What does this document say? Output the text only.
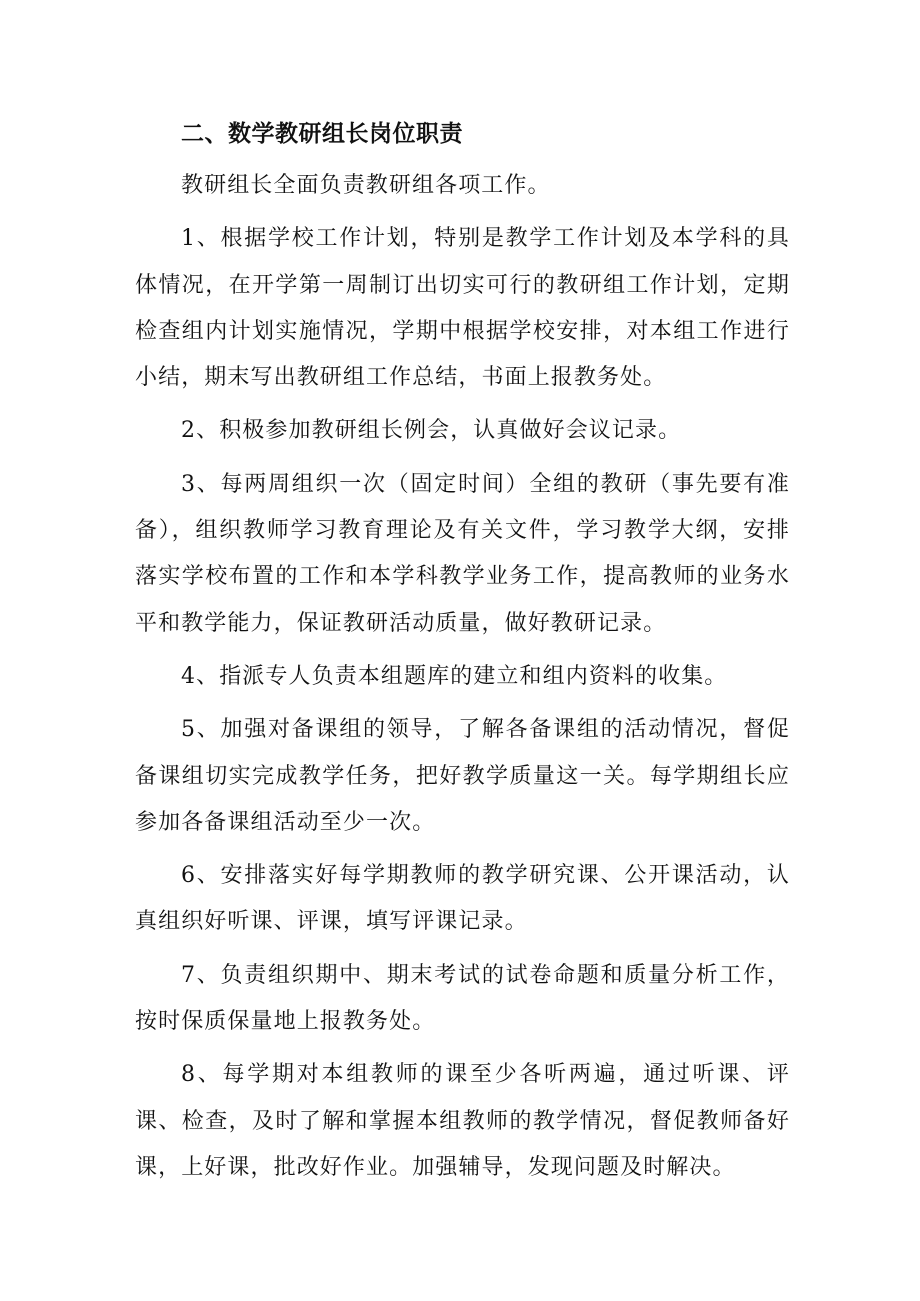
二、数学教研组长岗位职责

教研组长全面负责教研组各项工作。

1、根据学校工作计划，特别是教学工作计划及本学科的具体情况，在开学第一周制订出切实可行的教研组工作计划，定期检查组内计划实施情况，学期中根据学校安排，对本组工作进行小结，期末写出教研组工作总结，书面上报教务处。

2、积极参加教研组长例会，认真做好会议记录。

3、每两周组织一次（固定时间）全组的教研（事先要有准备），组织教师学习教育理论及有关文件，学习教学大纲，安排落实学校布置的工作和本学科教学业务工作，提高教师的业务水平和教学能力，保证教研活动质量，做好教研记录。

4、指派专人负责本组题库的建立和组内资料的收集。

5、加强对备课组的领导，了解各备课组的活动情况，督促备课组切实完成教学任务，把好教学质量这一关。每学期组长应参加各备课组活动至少一次。

6、安排落实好每学期教师的教学研究课、公开课活动，认真组织好听课、评课，填写评课记录。

7、负责组织期中、期末考试的试卷命题和质量分析工作，按时保质保量地上报教务处。

8、每学期对本组教师的课至少各听两遍，通过听课、评课、检查，及时了解和掌握本组教师的教学情况，督促教师备好课，上好课，批改好作业。加强辅导，发现问题及时解决。
